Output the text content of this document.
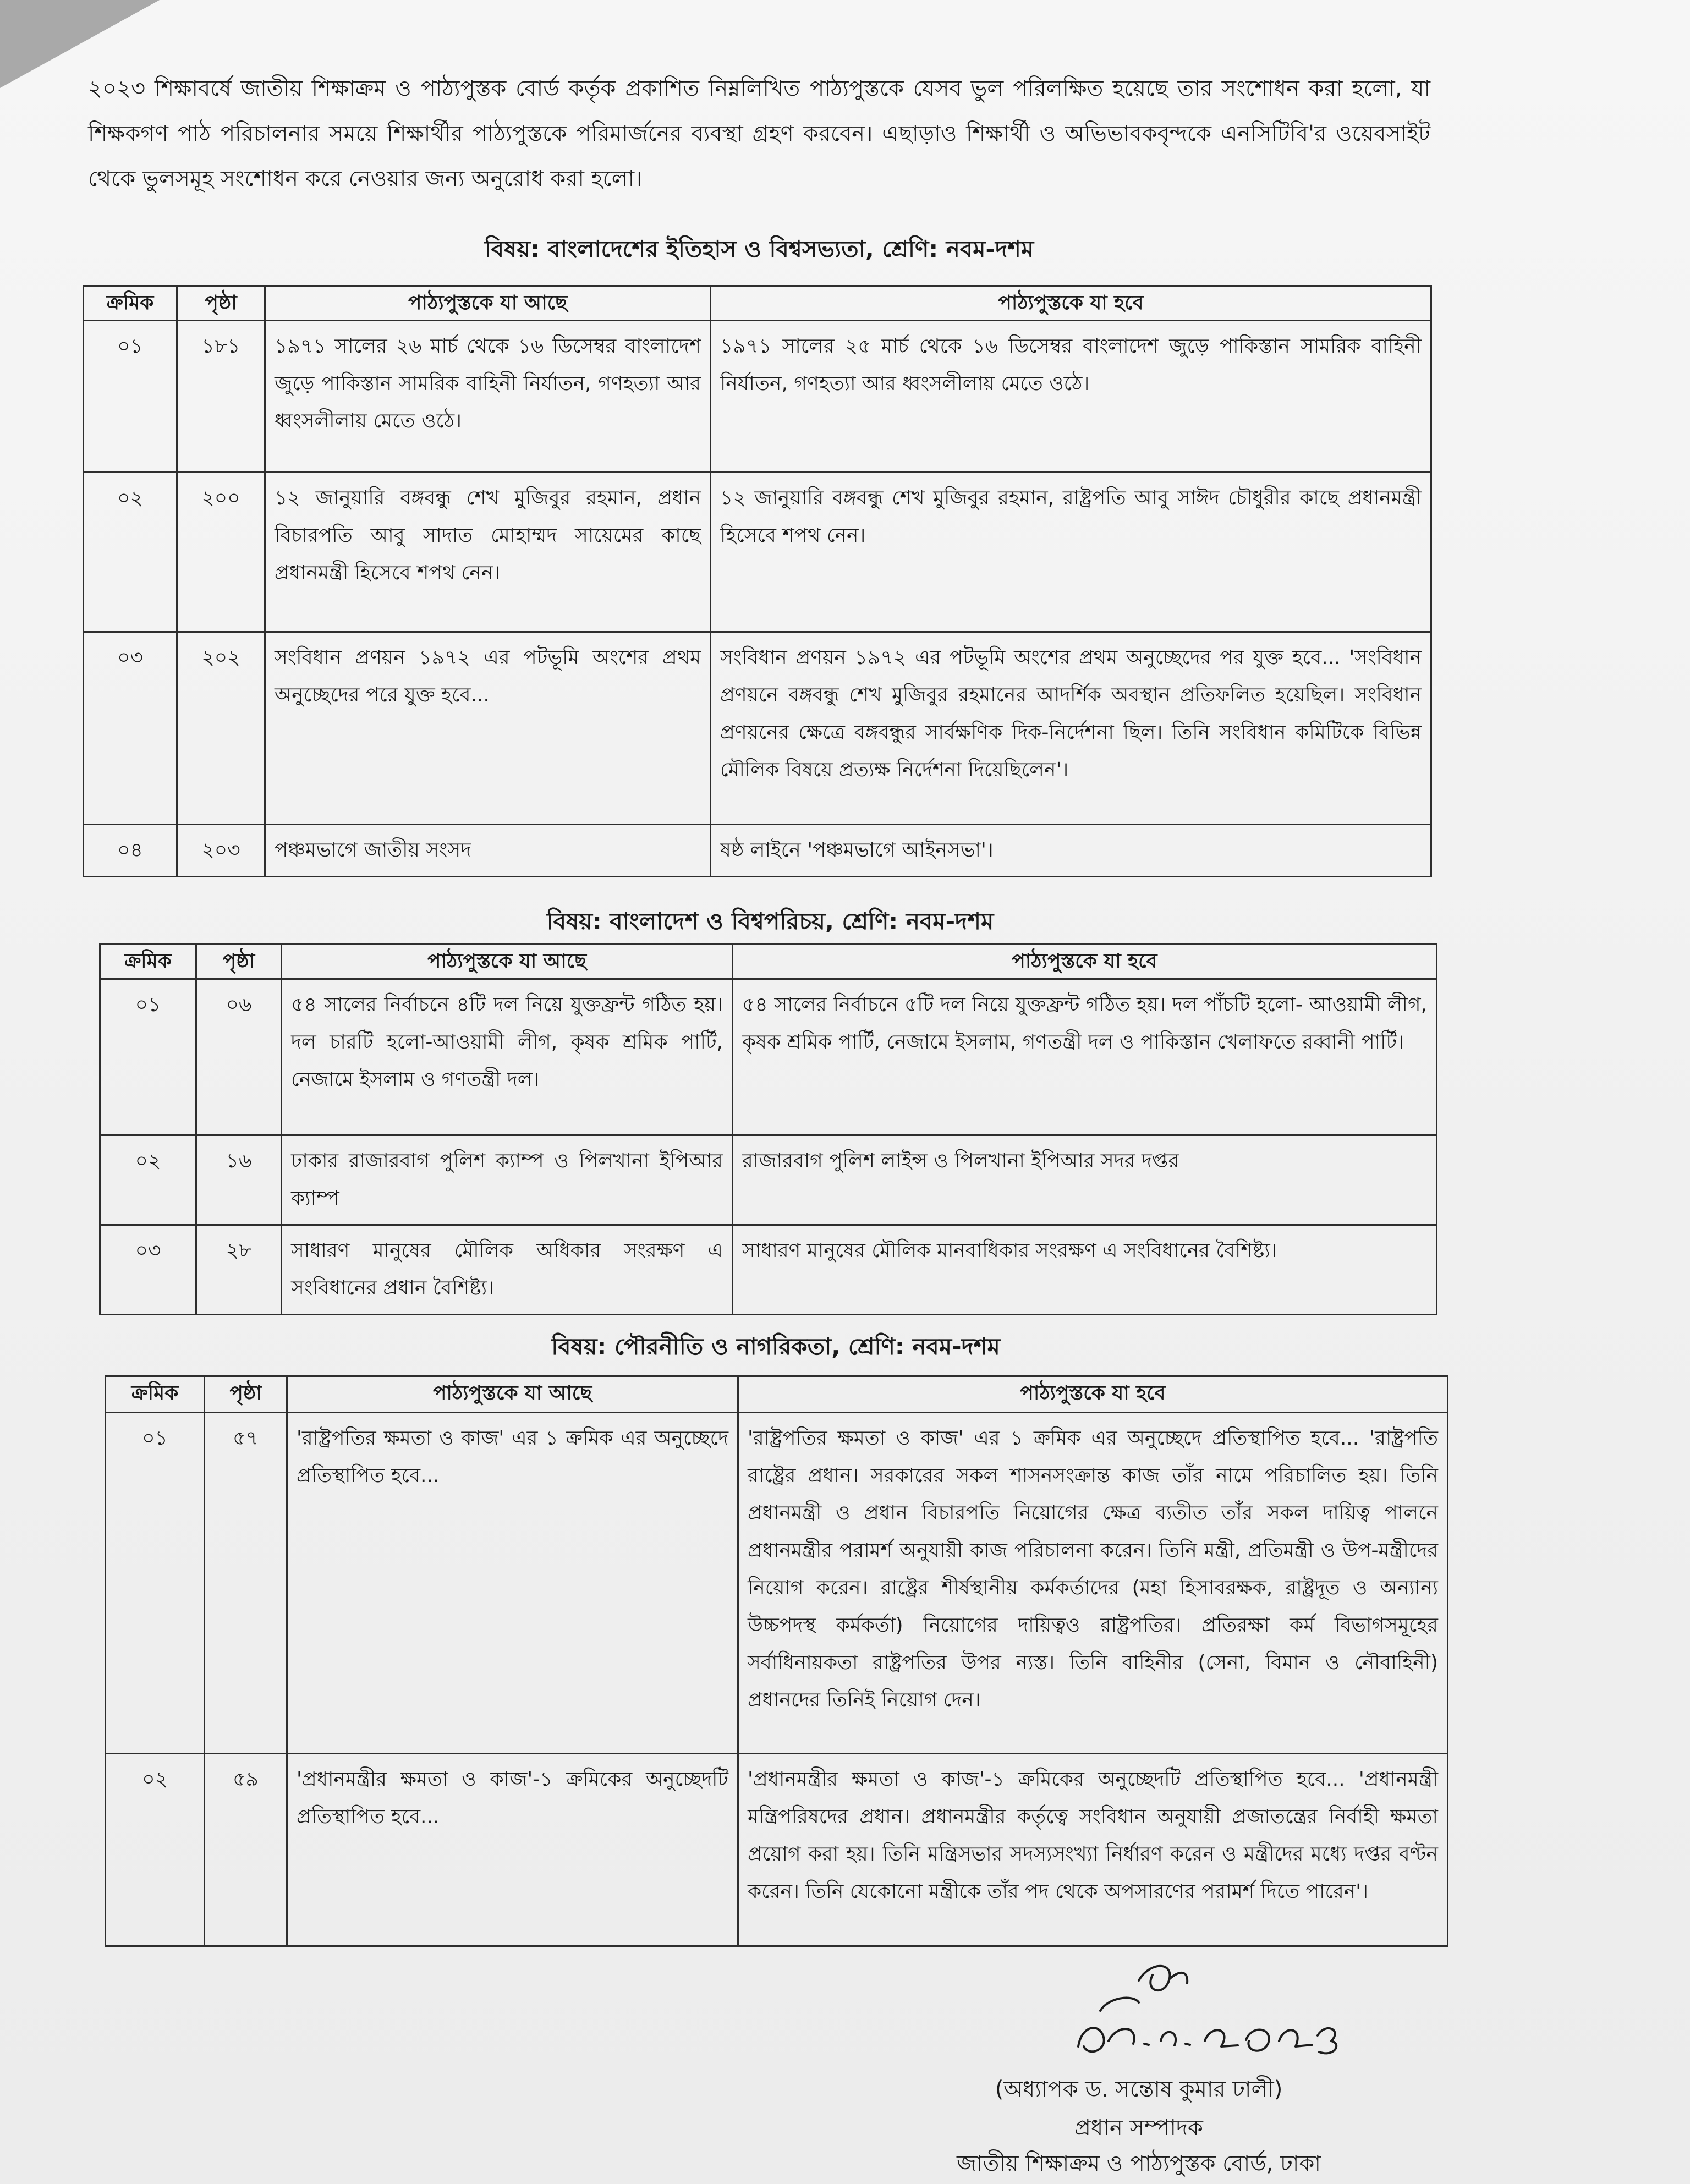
২০২৩ শিক্ষাবর্ষে জাতীয় শিক্ষাক্রম ও পাঠ্যপুস্তক বোর্ড কর্তৃক প্রকাশিত নিম্নলিখিত পাঠ্যপুস্তকে যেসব ভুল পরিলক্ষিত হয়েছে তার সংশোধন করা হলো, যা শিক্ষকগণ পাঠ পরিচালনার সময়ে শিক্ষার্থীর পাঠ্যপুস্তকে পরিমার্জনের ব্যবস্থা গ্রহণ করবেন। এছাড়াও শিক্ষার্থী ও অভিভাবকবৃন্দকে এনসিটিবি'র ওয়েবসাইট থেকে ভুলসমূহ সংশোধন করে নেওয়ার জন্য অনুরোধ করা হলো।

বিষয়: বাংলাদেশের ইতিহাস ও বিশ্বসভ্যতা, শ্রেণি: নবম-দশম
ক্রমিক	পৃষ্ঠা	পাঠ্যপুস্তকে যা আছে	পাঠ্যপুস্তকে যা হবে
০১	১৮১	১৯৭১ সালের ২৬ মার্চ থেকে ১৬ ডিসেম্বর বাংলাদেশ জুড়ে পাকিস্তান সামরিক বাহিনী নির্যাতন, গণহত্যা আর ধ্বংসলীলায় মেতে ওঠে।	১৯৭১ সালের ২৫ মার্চ থেকে ১৬ ডিসেম্বর বাংলাদেশ জুড়ে পাকিস্তান সামরিক বাহিনী নির্যাতন, গণহত্যা আর ধ্বংসলীলায় মেতে ওঠে।
০২	২০০	১২ জানুয়ারি বঙ্গবন্ধু শেখ মুজিবুর রহমান, প্রধান বিচারপতি আবু সাদাত মোহাম্মদ সায়েমের কাছে প্রধানমন্ত্রী হিসেবে শপথ নেন।	১২ জানুয়ারি বঙ্গবন্ধু শেখ মুজিবুর রহমান, রাষ্ট্রপতি আবু সাঈদ চৌধুরীর কাছে প্রধানমন্ত্রী হিসেবে শপথ নেন।
০৩	২০২	সংবিধান প্রণয়ন ১৯৭২ এর পটভূমি অংশের প্রথম অনুচ্ছেদের পরে যুক্ত হবে...	সংবিধান প্রণয়ন ১৯৭২ এর পটভূমি অংশের প্রথম অনুচ্ছেদের পর যুক্ত হবে... 'সংবিধান প্রণয়নে বঙ্গবন্ধু শেখ মুজিবুর রহমানের আদর্শিক অবস্থান প্রতিফলিত হয়েছিল। সংবিধান প্রণয়নের ক্ষেত্রে বঙ্গবন্ধুর সার্বক্ষণিক দিক-নির্দেশনা ছিল। তিনি সংবিধান কমিটিকে বিভিন্ন মৌলিক বিষয়ে প্রত্যক্ষ নির্দেশনা দিয়েছিলেন'।
০৪	২০৩	পঞ্চমভাগে জাতীয় সংসদ	ষষ্ঠ লাইনে 'পঞ্চমভাগে আইনসভা'।
বিষয়: বাংলাদেশ ও বিশ্বপরিচয়, শ্রেণি: নবম-দশম
ক্রমিক	পৃষ্ঠা	পাঠ্যপুস্তকে যা আছে	পাঠ্যপুস্তকে যা হবে
০১	০৬	৫৪ সালের নির্বাচনে ৪টি দল নিয়ে যুক্তফ্রন্ট গঠিত হয়। দল চারটি হলো-আওয়ামী লীগ, কৃষক শ্রমিক পার্টি, নেজামে ইসলাম ও গণতন্ত্রী দল।	৫৪ সালের নির্বাচনে ৫টি দল নিয়ে যুক্তফ্রন্ট গঠিত হয়। দল পাঁচটি হলো- আওয়ামী লীগ, কৃষক শ্রমিক পার্টি, নেজামে ইসলাম, গণতন্ত্রী দল ও পাকিস্তান খেলাফতে রব্বানী পার্টি।
০২	১৬	ঢাকার রাজারবাগ পুলিশ ক্যাম্প ও পিলখানা ইপিআর ক্যাম্প	রাজারবাগ পুলিশ লাইন্স ও পিলখানা ইপিআর সদর দপ্তর
০৩	২৮	সাধারণ মানুষের মৌলিক অধিকার সংরক্ষণ এ সংবিধানের প্রধান বৈশিষ্ট্য।	সাধারণ মানুষের মৌলিক মানবাধিকার সংরক্ষণ এ সংবিধানের বৈশিষ্ট্য।
বিষয়: পৌরনীতি ও নাগরিকতা, শ্রেণি: নবম-দশম
ক্রমিক	পৃষ্ঠা	পাঠ্যপুস্তকে যা আছে	পাঠ্যপুস্তকে যা হবে
০১	৫৭	'রাষ্ট্রপতির ক্ষমতা ও কাজ' এর ১ ক্রমিক এর অনুচ্ছেদে প্রতিস্থাপিত হবে...	'রাষ্ট্রপতির ক্ষমতা ও কাজ' এর ১ ক্রমিক এর অনুচ্ছেদে প্রতিস্থাপিত হবে... 'রাষ্ট্রপতি রাষ্ট্রের প্রধান। সরকারের সকল শাসনসংক্রান্ত কাজ তাঁর নামে পরিচালিত হয়। তিনি প্রধানমন্ত্রী ও প্রধান বিচারপতি নিয়োগের ক্ষেত্র ব্যতীত তাঁর সকল দায়িত্ব পালনে প্রধানমন্ত্রীর পরামর্শ অনুযায়ী কাজ পরিচালনা করেন। তিনি মন্ত্রী, প্রতিমন্ত্রী ও উপ-মন্ত্রীদের নিয়োগ করেন। রাষ্ট্রের শীর্ষস্থানীয় কর্মকর্তাদের (মহা হিসাবরক্ষক, রাষ্ট্রদূত ও অন্যান্য উচ্চপদস্থ কর্মকর্তা) নিয়োগের দায়িত্বও রাষ্ট্রপতির। প্রতিরক্ষা কর্ম বিভাগসমূহের সর্বাধিনায়কতা রাষ্ট্রপতির উপর ন্যস্ত। তিনি বাহিনীর (সেনা, বিমান ও নৌবাহিনী) প্রধানদের তিনিই নিয়োগ দেন।
০২	৫৯	'প্রধানমন্ত্রীর ক্ষমতা ও কাজ'-১ ক্রমিকের অনুচ্ছেদটি প্রতিস্থাপিত হবে...	'প্রধানমন্ত্রীর ক্ষমতা ও কাজ'-১ ক্রমিকের অনুচ্ছেদটি প্রতিস্থাপিত হবে... 'প্রধানমন্ত্রী মন্ত্রিপরিষদের প্রধান। প্রধানমন্ত্রীর কর্তৃত্বে সংবিধান অনুযায়ী প্রজাতন্ত্রের নির্বাহী ক্ষমতা প্রয়োগ করা হয়। তিনি মন্ত্রিসভার সদস্যসংখ্যা নির্ধারণ করেন ও মন্ত্রীদের মধ্যে দপ্তর বণ্টন করেন। তিনি যেকোনো মন্ত্রীকে তাঁর পদ থেকে অপসারণের পরামর্শ দিতে পারেন'।
১৮.০১.২০২৩
(অধ্যাপক ড. সন্তোষ কুমার ঢালী)
প্রধান সম্পাদক
জাতীয় শিক্ষাক্রম ও পাঠ্যপুস্তক বোর্ড, ঢাকা
